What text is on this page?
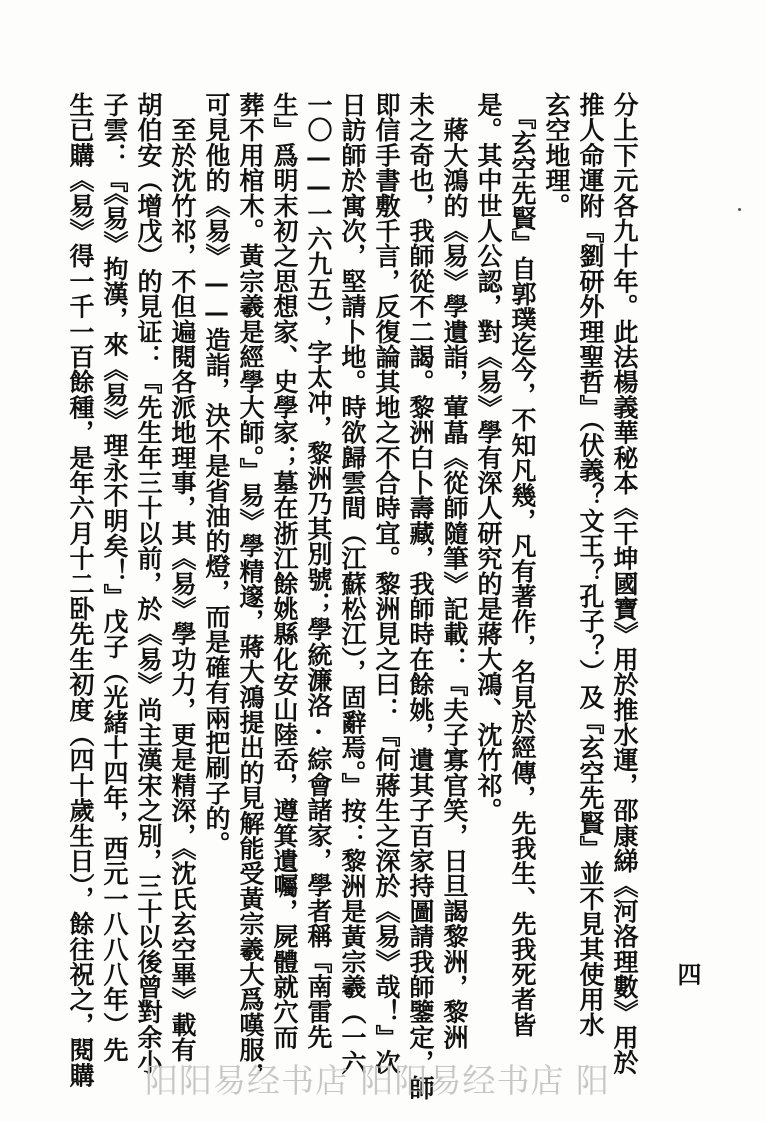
分上下元各九十年。此法楊義華秘本《干坤國寶》用於推水運，邵康綈《河洛理數》用於
推人命運附『劉研外理聖哲』（伏義？文王？孔子？）及『玄空先賢』並不見其使用水
玄空地理。
　『玄空先賢』自郭璞迄今，不知凡幾，凡有著作，名見於經傳，先我生、先我死者皆
是。其中世人公認，對《易》學有深人研究的是蔣大鴻、沈竹祁。
　蔣大鴻的《易》學遺詣，葷蕌《從師隨筆》記載：『夫子寡官笑，日旦謁黎洲，黎洲
未之奇也，我師從不二謁。黎洲白卜壽藏，我師時在餘姚，遺其子百家持圖請我師鑒定，師
即信手書敷千言，反復論其地之不合時宜。黎洲見之曰：『何蔣生之深於《易》哉！』次
日訪師於寓次，堅請卜地。時欲歸雲間（江蘇松江），固辭焉。』按：黎洲是黃宗羲（一六
一〇——一六九五），字太冲，黎洲乃其別號；學統濂洛·綜會諸家，學者稱『南雷先
生』爲明末初之思想家、史學家；墓在浙江餘姚縣化安山陸岙，遵箕遺囑，屍體就穴而
葬不用棺木。黃宗羲是經學大師。』易》學精邃，蔣大鴻提出的見解能受黃宗羲大爲嘆服，
可見他的《易》——造詣，決不是省油的燈，而是確有兩把刷子的。
　至於沈竹祁，不但遍閱各派地理事，其《易》學功力，更是精深，《沈氏玄空畢》載有
胡伯安（增戊）的見证：『先生年三十以前，於《易》尚主漢宋之別，三十以後曾對余小
子雲：『《易》拘漢，來《易》理永不明矣！』戊子（光緒十四年，西元一八八八年）先
生已購《易》得一千一百餘種，是年六月十二卧先生初度（四十歲生日），餘往祝之，閱購	四
阳阳易经书店 阳阳易经书店 阳
